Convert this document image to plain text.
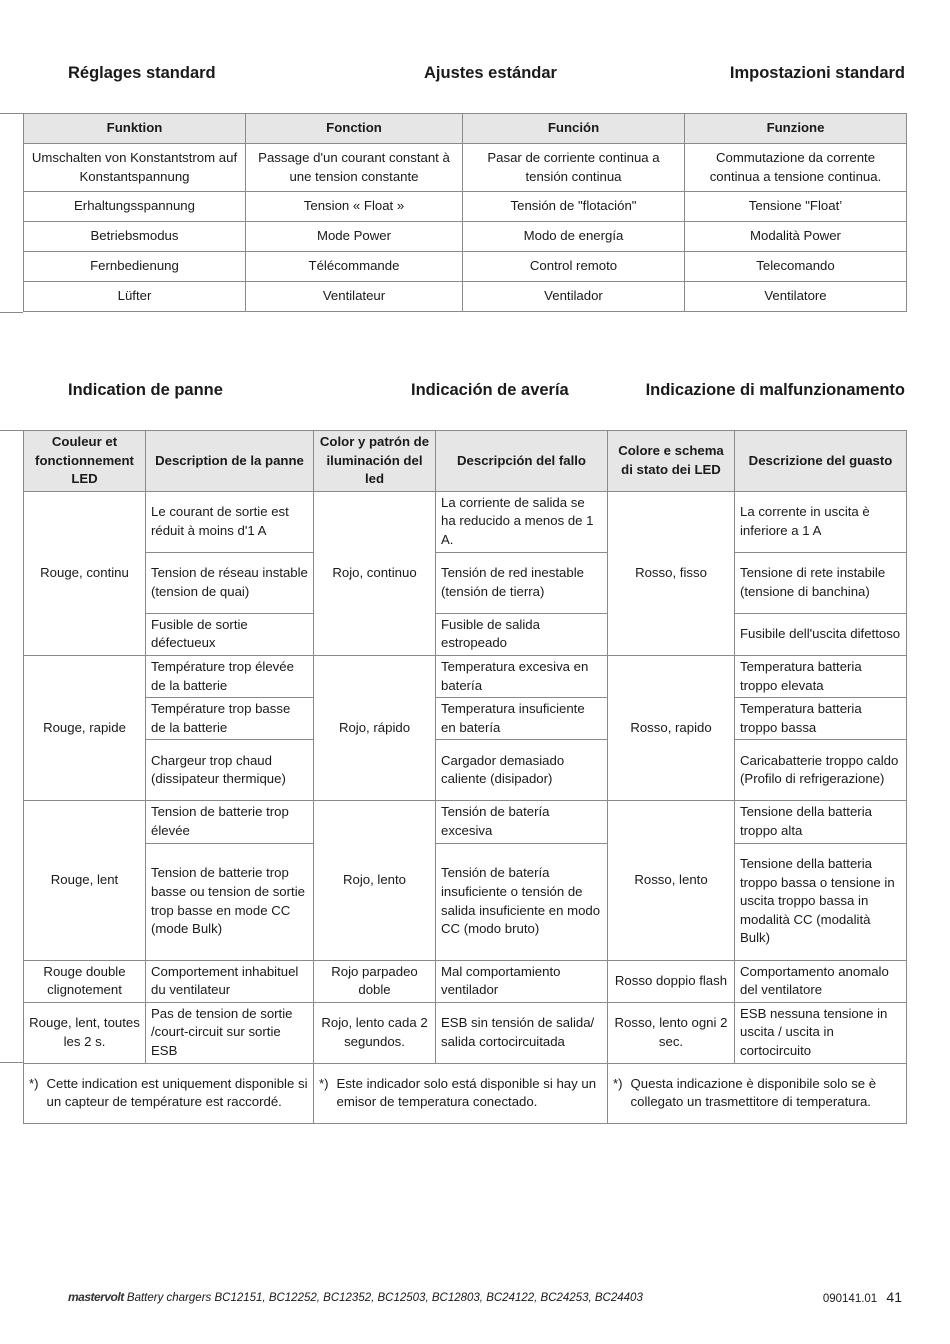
Réglages standard	Ajustes estándar	Impostazioni standard
Funktion	Fonction	Función	Funzione
Umschalten von Konstantstrom auf Konstantspannung	Passage d'un courant constant à une tension constante	Pasar de corriente continua a tensión continua	Commutazione da corrente continua a tensione continua.
Erhaltungsspannung	Tension « Float »	Tensión de "flotación"	Tensione "Float’
Betriebsmodus	Mode Power	Modo de energía	Modalità Power
Fernbedienung	Télécommande	Control remoto	Telecomando
Lüfter	Ventilateur	Ventilador	Ventilatore
Indication de panne	Indicación de avería	Indicazione di malfunzionamento
Couleur et fonctionnement LED	Description de la panne	Color y patrón de iluminación del led	Descripción del fallo	Colore e schema di stato dei LED	Descrizione del guasto
Rouge, continu	Le courant de sortie est réduit à moins d'1 A	Rojo, continuo	La corriente de salida se ha reducido a menos de 1 A.	Rosso, fisso	La corrente in uscita è inferiore a 1 A
	Tension de réseau instable (tension de quai)		Tensión de red inestable (tensión de tierra)		Tensione di rete instabile (tensione di banchina)
	Fusible de sortie défectueux		Fusible de salida estropeado		Fusibile dell'uscita difettoso
Rouge, rapide	Température trop élevée de la batterie	Rojo, rápido	Temperatura excesiva en batería	Rosso, rapido	Temperatura batteria troppo elevata
	Température trop basse de la batterie		Temperatura insuficiente en batería		Temperatura batteria troppo bassa
	Chargeur trop chaud (dissipateur thermique)		Cargador demasiado caliente (disipador)		Caricabatterie troppo caldo (Profilo di refrigerazione)
Rouge, lent	Tension de batterie trop élevée	Rojo, lento	Tensión de batería excesiva	Rosso, lento	Tensione della batteria troppo alta
	Tension de batterie trop basse ou tension de sortie trop basse en mode CC (mode Bulk)		Tensión de batería insuficiente o tensión de salida insuficiente en modo CC (modo bruto)		Tensione della batteria troppo bassa o tensione in uscita troppo bassa in modalità CC (modalità Bulk)
Rouge double clignotement	Comportement inhabituel du ventilateur	Rojo parpadeo doble	Mal comportamiento ventilador	Rosso doppio flash	Comportamento anomalo del ventilatore
Rouge, lent, toutes les 2 s.	Pas de tension de sortie /court-circuit sur sortie ESB	Rojo, lento cada 2 segundos.	ESB sin tensión de salida/ salida cortocircuitada	Rosso, lento ogni 2 sec.	ESB nessuna tensione in uscita / uscita in cortocircuito

*) Cette indication est uniquement disponible si un capteur de température est raccordé.		*) Este indicador solo está disponible si hay un emisor de temperatura conectado.		*) Questa indicazione è disponibile solo se è collegato un trasmettitore di temperatura.	
mastervolt Battery chargers BC12151, BC12252, BC12352, BC12503, BC12803, BC24122, BC24253, BC24403	090141.01 41
